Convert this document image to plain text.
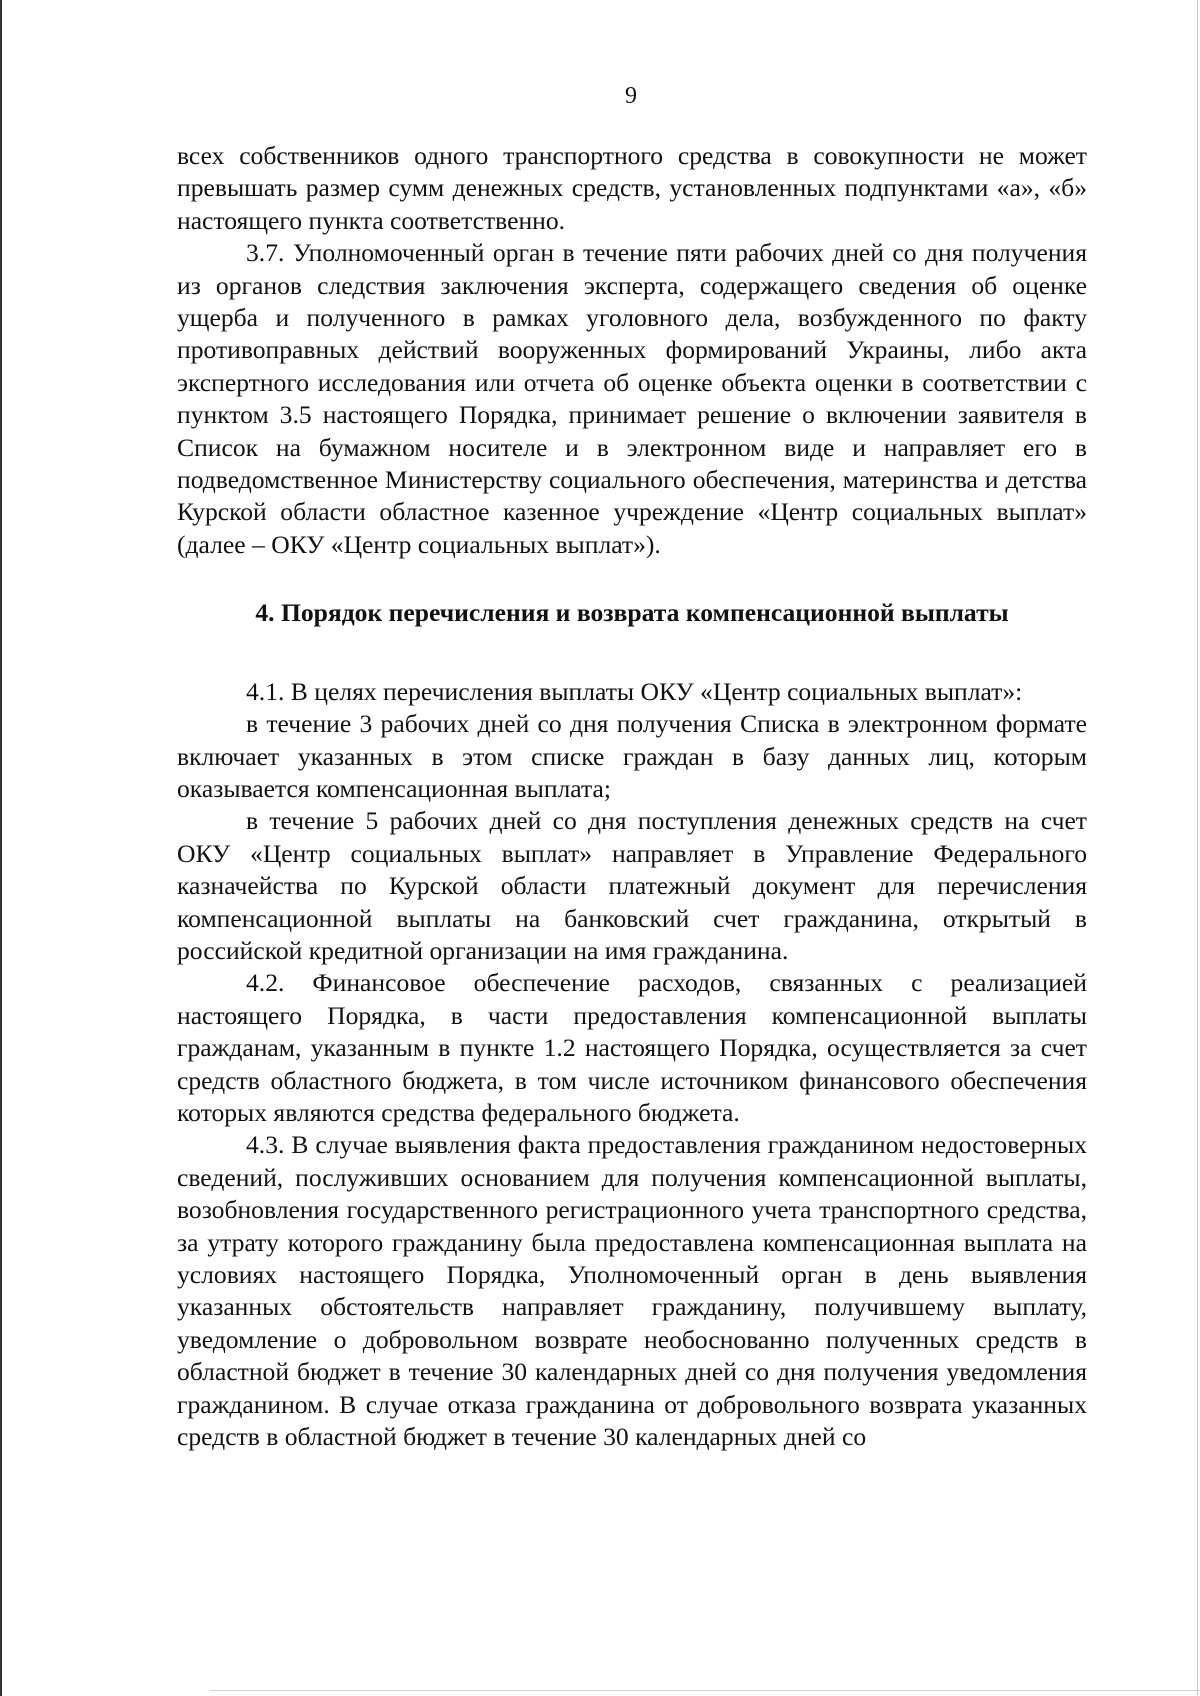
9

всех собственников одного транспортного средства в совокупности не может превышать размер сумм денежных средств, установленных подпунктами «а», «б» настоящего пункта соответственно.

3.7. Уполномоченный орган в течение пяти рабочих дней со дня получения из органов следствия заключения эксперта, содержащего сведения об оценке ущерба и полученного в рамках уголовного дела, возбужденного по факту противоправных действий вооруженных формирований Украины, либо акта экспертного исследования или отчета об оценке объекта оценки в соответствии с пунктом 3.5 настоящего Порядка, принимает решение о включении заявителя в Список на бумажном носителе и в электронном виде и направляет его в подведомственное Министерству социального обеспечения, материнства и детства Курской области областное казенное учреждение «Центр социальных выплат» (далее – ОКУ «Центр социальных выплат»).

4. Порядок перечисления и возврата компенсационной выплаты

4.1. В целях перечисления выплаты ОКУ «Центр социальных выплат»:

в течение 3 рабочих дней со дня получения Списка в электронном формате включает указанных в этом списке граждан в базу данных лиц, которым оказывается компенсационная выплата;

в течение 5 рабочих дней со дня поступления денежных средств на счет ОКУ «Центр социальных выплат» направляет в Управление Федерального казначейства по Курской области платежный документ для перечисления компенсационной выплаты на банковский счет гражданина, открытый в российской кредитной организации на имя гражданина.

4.2. Финансовое обеспечение расходов, связанных с реализацией настоящего Порядка, в части предоставления компенсационной выплаты гражданам, указанным в пункте 1.2 настоящего Порядка, осуществляется за счет средств областного бюджета, в том числе источником финансового обеспечения которых являются средства федерального бюджета.

4.3. В случае выявления факта предоставления гражданином недостоверных сведений, послуживших основанием для получения компенсационной выплаты, возобновления государственного регистрационного учета транспортного средства, за утрату которого гражданину была предоставлена компенсационная выплата на условиях настоящего Порядка, Уполномоченный орган в день выявления указанных обстоятельств направляет гражданину, получившему выплату, уведомление о добровольном возврате необоснованно полученных средств в областной бюджет в течение 30 календарных дней со дня получения уведомления гражданином. В случае отказа гражданина от добровольного возврата указанных средств в областной бюджет в течение 30 календарных дней со
